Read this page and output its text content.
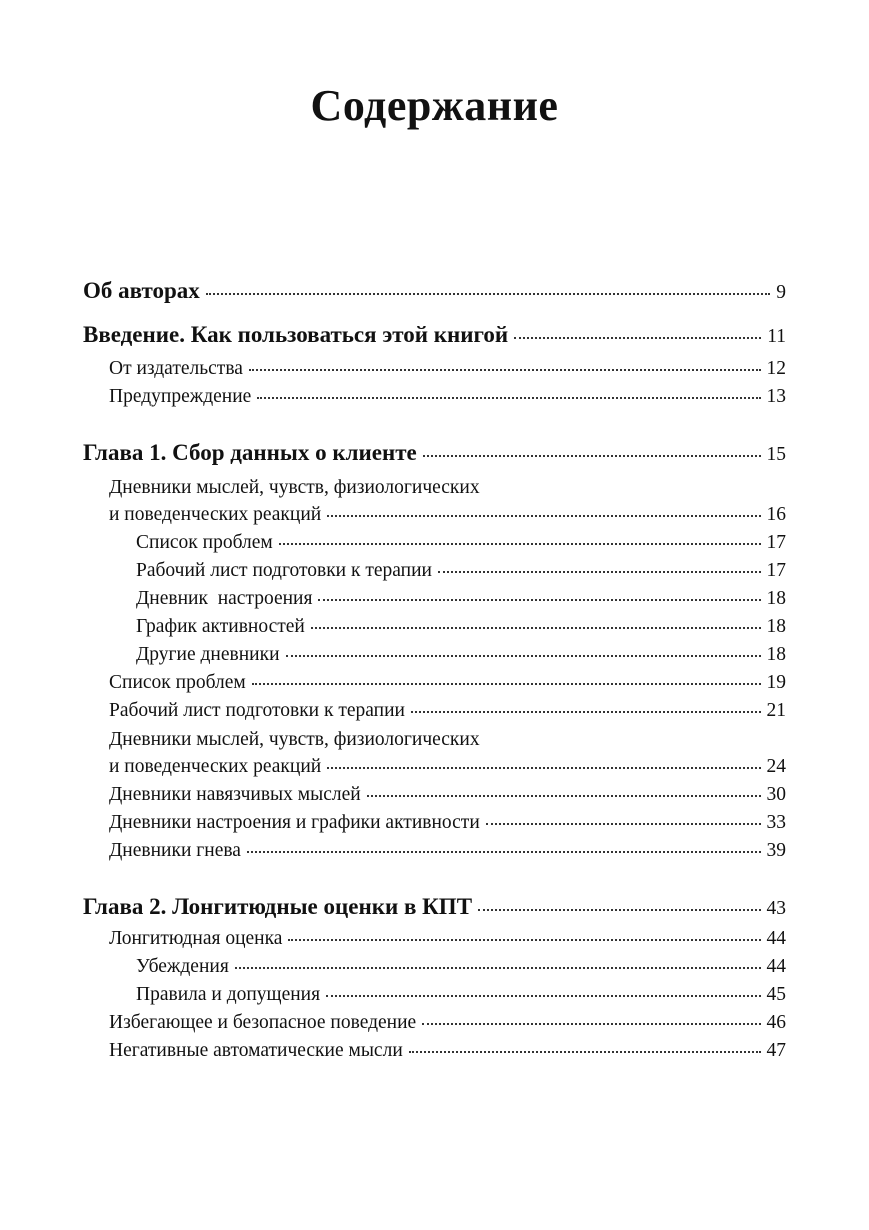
Содержание
Об авторах	9
Введение. Как пользоваться этой книгой	11
От издательства	12
Предупреждение	13
Глава 1. Сбор данных о клиенте	15
Дневники мыслей, чувств, физиологических
и поведенческих реакций	16
Список проблем	17
Рабочий лист подготовки к терапии	17
Дневник  настроения	18
График активностей	18
Другие дневники	18
Список проблем	19
Рабочий лист подготовки к терапии	21
Дневники мыслей, чувств, физиологических
и поведенческих реакций	24
Дневники навязчивых мыслей	30
Дневники настроения и графики активности	33
Дневники гнева	39
Глава 2. Лонгитюдные оценки в КПТ	43
Лонгитюдная оценка	44
Убеждения	44
Правила и допущения	45
Избегающее и безопасное поведение	46
Негативные автоматические мысли	47
